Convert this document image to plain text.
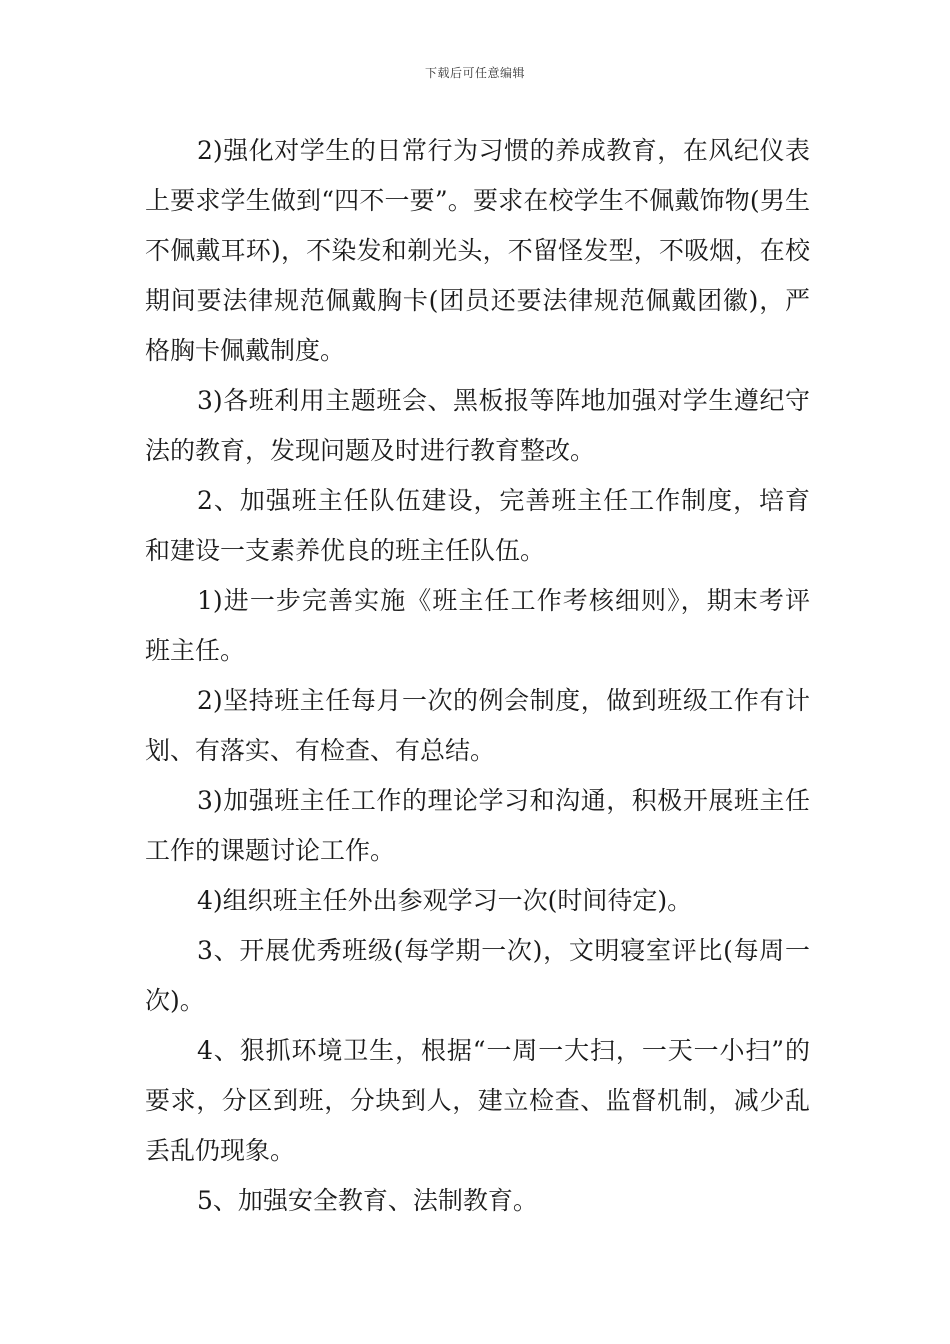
下载后可任意编辑

2)强化对学生的日常行为习惯的养成教育，在风纪仪表上要求学生做到“四不一要”。要求在校学生不佩戴饰物(男生不佩戴耳环)，不染发和剃光头，不留怪发型，不吸烟，在校期间要法律规范佩戴胸卡(团员还要法律规范佩戴团徽)，严格胸卡佩戴制度。

3)各班利用主题班会、黑板报等阵地加强对学生遵纪守法的教育，发现问题及时进行教育整改。

2、加强班主任队伍建设，完善班主任工作制度，培育和建设一支素养优良的班主任队伍。

1)进一步完善实施《班主任工作考核细则》，期末考评班主任。

2)坚持班主任每月一次的例会制度，做到班级工作有计划、有落实、有检查、有总结。

3)加强班主任工作的理论学习和沟通，积极开展班主任工作的课题讨论工作。

4)组织班主任外出参观学习一次(时间待定)。

3、开展优秀班级(每学期一次)，文明寝室评比(每周一次)。

4、狠抓环境卫生，根据“一周一大扫，一天一小扫”的要求，分区到班，分块到人，建立检查、监督机制，减少乱丢乱仍现象。

5、加强安全教育、法制教育。
